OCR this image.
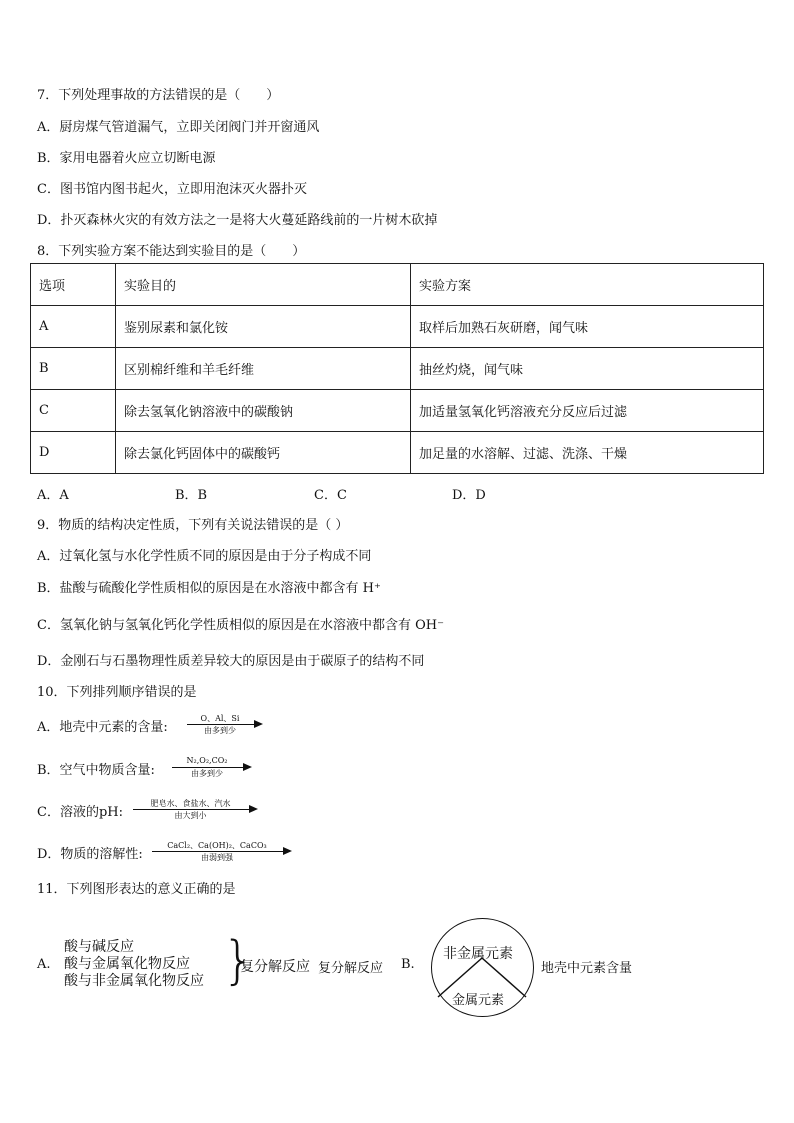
7．下列处理事故的方法错误的是（　　）
A．厨房煤气管道漏气，立即关闭阀门并开窗通风
B．家用电器着火应立切断电源
C．图书馆内图书起火，立即用泡沫灭火器扑灭
D．扑灭森林火灾的有效方法之一是将大火蔓延路线前的一片树木砍掉
8．下列实验方案不能达到实验目的是（　　）
选项	实验目的	实验方案
A	鉴别尿素和氯化铵	取样后加熟石灰研磨，闻气味
B	区别棉纤维和羊毛纤维	抽丝灼烧，闻气味
C	除去氢氧化钠溶液中的碳酸钠	加适量氢氧化钙溶液充分反应后过滤
D	除去氯化钙固体中的碳酸钙	加足量的水溶解、过滤、洗涤、干燥
A．A	B．B	C．C	D．D
9．物质的结构决定性质，下列有关说法错误的是（ ）
A．过氧化氢与水化学性质不同的原因是由于分子构成不同
B．盐酸与硫酸化学性质相似的原因是在水溶液中都含有 H⁺
C．氢氧化钠与氢氧化钙化学性质相似的原因是在水溶液中都含有 OH⁻
D．金刚石与石墨物理性质差异较大的原因是由于碳原子的结构不同
10．下列排列顺序错误的是
A．地壳中元素的含量:
O、Al、Si
由多到少
B．空气中物质含量:
N₂,O₂,CO₂
由多到少
C．溶液的pH:
肥皂水、食盐水、汽水
由大到小
D．物质的溶解性:
CaCl₂、Ca(OH)₂、CaCO₃
由弱到强
11．下列图形表达的意义正确的是
A.
酸与碱反应
酸与金属氧化物反应
酸与非金属氧化物反应 }
复分解反应 复分解反应 B.
非金属元素
金属元素
地壳中元素含量
